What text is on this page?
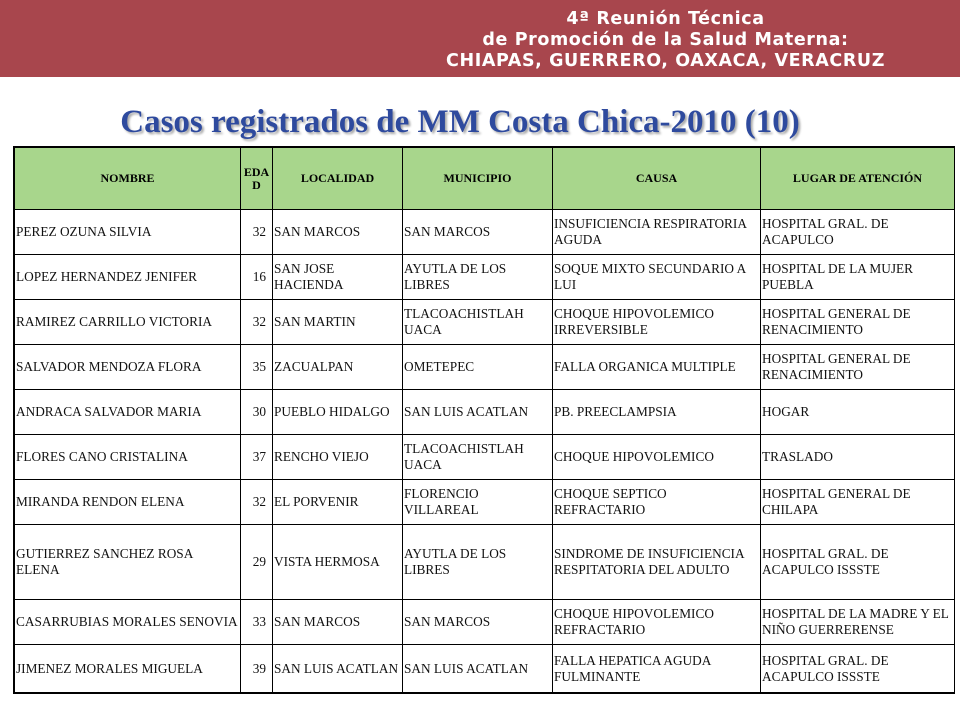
4ª Reunión Técnica
de Promoción de la Salud Materna:
CHIAPAS, GUERRERO, OAXACA, VERACRUZ
Casos registrados de MM Costa Chica-2010 (10)
NOMBRE	EDA D	LOCALIDAD	MUNICIPIO	CAUSA	LUGAR DE ATENCIÓN
PEREZ OZUNA SILVIA	32	SAN MARCOS	SAN MARCOS	INSUFICIENCIA RESPIRATORIA AGUDA	HOSPITAL GRAL. DE ACAPULCO
LOPEZ HERNANDEZ JENIFER	16	SAN JOSE HACIENDA	AYUTLA DE LOS LIBRES	SOQUE MIXTO SECUNDARIO A LUI	HOSPITAL DE LA MUJER PUEBLA
RAMIREZ CARRILLO VICTORIA	32	SAN MARTIN	TLACOACHISTLAH UACA	CHOQUE HIPOVOLEMICO IRREVERSIBLE	HOSPITAL GENERAL DE RENACIMIENTO
SALVADOR MENDOZA FLORA	35	ZACUALPAN	OMETEPEC	FALLA ORGANICA MULTIPLE	HOSPITAL GENERAL DE RENACIMIENTO
ANDRACA SALVADOR MARIA	30	PUEBLO HIDALGO	SAN LUIS ACATLAN	PB. PREECLAMPSIA	HOGAR
FLORES CANO CRISTALINA	37	RENCHO VIEJO	TLACOACHISTLAH UACA	CHOQUE HIPOVOLEMICO	TRASLADO
MIRANDA RENDON ELENA	32	EL PORVENIR	FLORENCIO VILLAREAL	CHOQUE SEPTICO REFRACTARIO	HOSPITAL GENERAL DE CHILAPA
GUTIERREZ SANCHEZ ROSA ELENA	29	VISTA HERMOSA	AYUTLA DE LOS LIBRES	SINDROME DE INSUFICIENCIA RESPITATORIA DEL ADULTO	HOSPITAL GRAL. DE ACAPULCO ISSSTE
CASARRUBIAS MORALES SENOVIA	33	SAN MARCOS	SAN MARCOS	CHOQUE HIPOVOLEMICO REFRACTARIO	HOSPITAL DE LA MADRE Y EL NIÑO GUERRERENSE
JIMENEZ MORALES MIGUELA	39	SAN LUIS ACATLAN	SAN LUIS ACATLAN	FALLA HEPATICA AGUDA FULMINANTE	HOSPITAL GRAL. DE ACAPULCO ISSSTE
